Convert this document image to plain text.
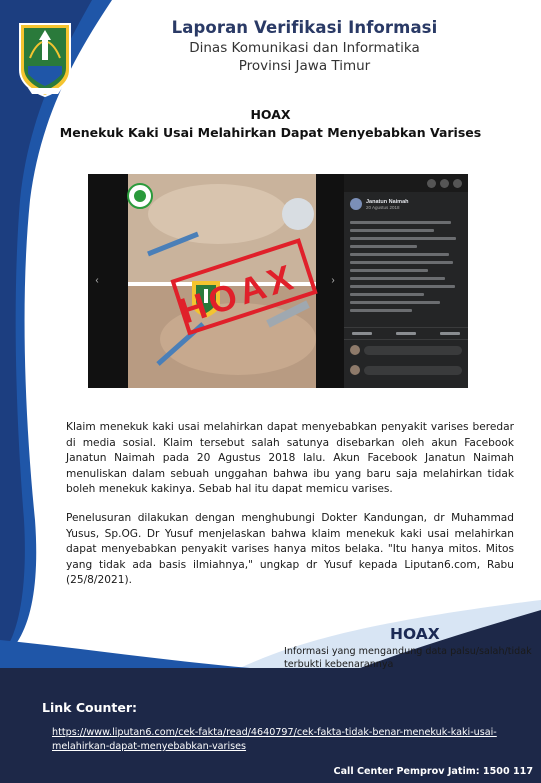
Laporan Verifikasi Informasi
Dinas Komunikasi dan Informatika
Provinsi Jawa Timur
HOAX
Menekuk Kaki Usai Melahirkan Dapat Menyebabkan Varises
HOAX
‹	›
Janatun Naimah
20 Agustus 2018

Klaim menekuk kaki usai melahirkan dapat menyebabkan penyakit varises beredar di media sosial. Klaim tersebut salah satunya disebarkan oleh akun Facebook Janatun Naimah pada 20 Agustus 2018 lalu. Akun Facebook Janatun Naimah menuliskan dalam sebuah unggahan bahwa ibu yang baru saja melahirkan tidak boleh menekuk kakinya. Sebab hal itu dapat memicu varises.

Penelusuran dilakukan dengan menghubungi Dokter Kandungan, dr Muhammad Yusus, Sp.OG. Dr Yusuf menjelaskan bahwa klaim menekuk kaki usai melahirkan dapat menyebabkan penyakit varises hanya mitos belaka. "Itu hanya mitos. Mitos yang tidak ada basis ilmiahnya," ungkap dr Yusuf kepada Liputan6.com, Rabu (25/8/2021).

HOAX
Informasi yang mengandung data palsu/salah/tidak terbukti kebenarannya
Link Counter:
https://www.liputan6.com/cek-fakta/read/4640797/cek-fakta-tidak-benar-menekuk-kaki-usai-melahirkan-dapat-menyebabkan-varises
Call Center Pemprov Jatim: 1500 117
